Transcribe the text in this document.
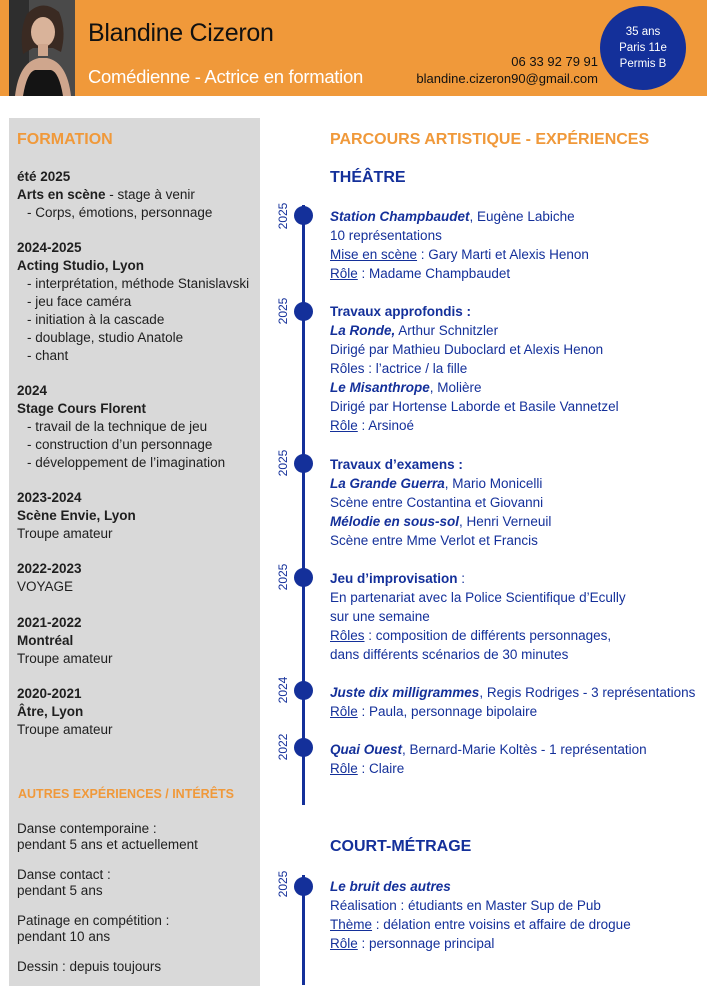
Blandine Cizeron
Comédienne - Actrice en formation
06 33 92 79 91
blandine.cizeron90@gmail.com
35 ans
Paris 11e
Permis B
FORMATION
été 2025
Arts en scène - stage à venir
- Corps, émotions, personnage
2024-2025
Acting Studio, Lyon
- interprétation, méthode Stanislavski
- jeu face caméra
- initiation à la cascade
- doublage, studio Anatole
- chant
2024
Stage Cours Florent
- travail de la technique de jeu
- construction d’un personnage
- développement de l’imagination
2023-2024
Scène Envie, Lyon
Troupe amateur
2022-2023
VOYAGE
2021-2022
Montréal
Troupe amateur
2020-2021
Âtre, Lyon
Troupe amateur
AUTRES EXPÉRIENCES / INTÉRÊTS
Danse contemporaine :
pendant 5 ans et actuellement
Danse contact :
pendant 5 ans
Patinage en compétition :
pendant 10 ans
Dessin : depuis toujours
PARCOURS ARTISTIQUE - EXPÉRIENCES
THÉÂTRE
2025
2025
2025
2025
2024
2022
Station Champbaudet, Eugène Labiche
10 représentations
Mise en scène : Gary Marti et Alexis Henon
Rôle : Madame Champbaudet
Travaux approfondis :
La Ronde, Arthur Schnitzler
Dirigé par Mathieu Duboclard et Alexis Henon
Rôles : l’actrice / la fille
Le Misanthrope, Molière
Dirigé par Hortense Laborde et Basile Vannetzel
Rôle : Arsinoé
Travaux d’examens :
La Grande Guerra, Mario Monicelli
Scène entre Costantina et Giovanni
Mélodie en sous-sol, Henri Verneuil
Scène entre Mme Verlot et Francis
Jeu d’improvisation :
En partenariat avec la Police Scientifique d’Ecully
sur une semaine
Rôles : composition de différents personnages,
dans différents scénarios de 30 minutes
Juste dix milligrammes, Regis Rodriges - 3 représentations
Rôle : Paula, personnage bipolaire
Quai Ouest, Bernard-Marie Koltès - 1 représentation
Rôle : Claire
COURT-MÉTRAGE
2025	Le bruit des autres
Réalisation : étudiants en Master Sup de Pub
Thème : délation entre voisins et affaire de drogue
Rôle : personnage principal
